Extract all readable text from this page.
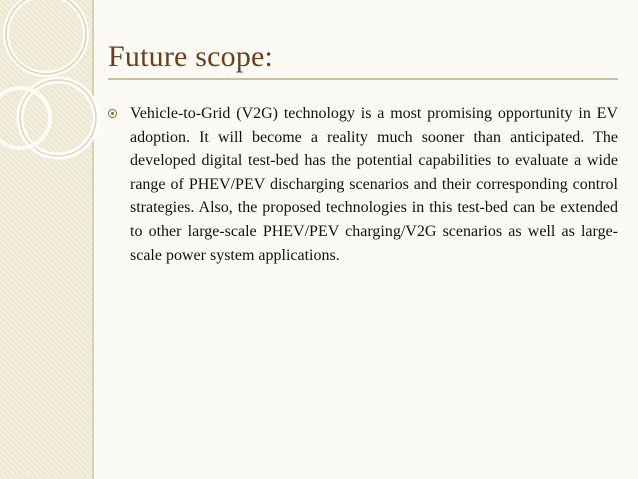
Future scope:

Vehicle-to-Grid (V2G) technology is a most promising opportunity in EV adoption. It will become a reality much sooner than anticipated. The developed digital test-bed has the potential capabilities to evaluate a wide range of PHEV/PEV discharging scenarios and their corresponding control strategies. Also, the proposed technologies in this test-bed can be extended to other large-scale PHEV/PEV charging/V2G scenarios as well as large-scale power system applications.
